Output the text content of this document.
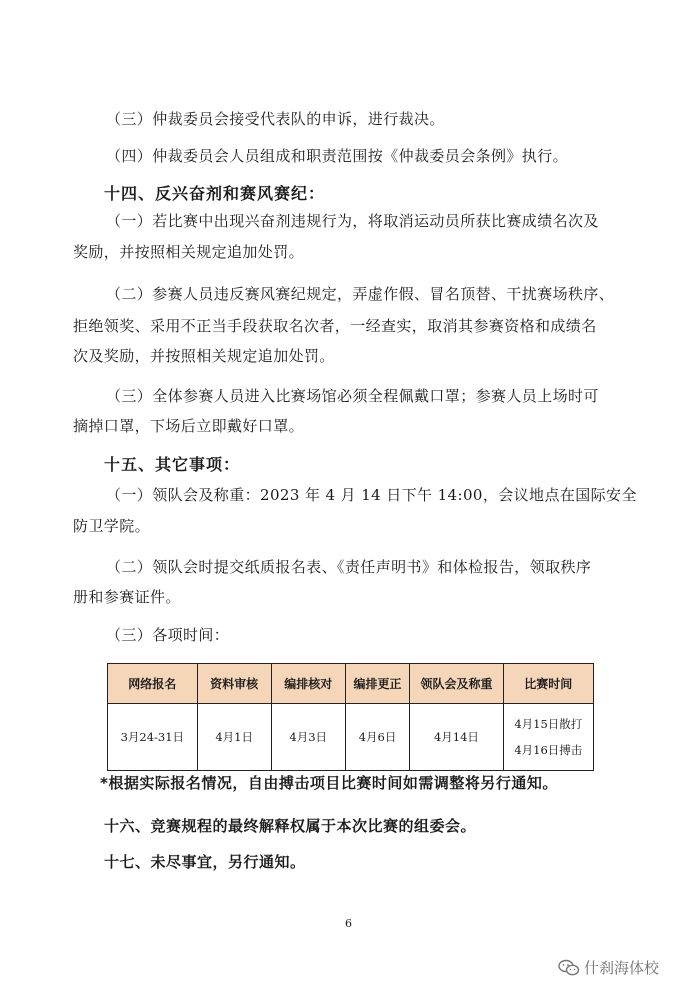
（三）仲裁委员会接受代表队的申诉，进行裁决。
（四）仲裁委员会人员组成和职责范围按《仲裁委员会条例》执行。
十四、反兴奋剂和赛风赛纪：
（一）若比赛中出现兴奋剂违规行为，将取消运动员所获比赛成绩名次及
奖励，并按照相关规定追加处罚。
（二）参赛人员违反赛风赛纪规定，弄虚作假、冒名顶替、干扰赛场秩序、
拒绝领奖、采用不正当手段获取名次者，一经查实，取消其参赛资格和成绩名
次及奖励，并按照相关规定追加处罚。
（三）全体参赛人员进入比赛场馆必须全程佩戴口罩；参赛人员上场时可
摘掉口罩，下场后立即戴好口罩。
十五、其它事项：
（一）领队会及称重：2023 年 4 月 14 日下午 14:00，会议地点在国际安全
防卫学院。
（二）领队会时提交纸质报名表、《责任声明书》和体检报告，领取秩序
册和参赛证件。
（三）各项时间：
网络报名	资料审核	编排核对	编排更正	领队会及称重	比赛时间
3月24-31日	4月1日	4月3日	4月6日	4月14日	4月15日散打
4月16日搏击
*根据实际报名情况，自由搏击项目比赛时间如需调整将另行通知。
十六、竞赛规程的最终解释权属于本次比赛的组委会。
十七、未尽事宜，另行通知。
6
什刹海体校
